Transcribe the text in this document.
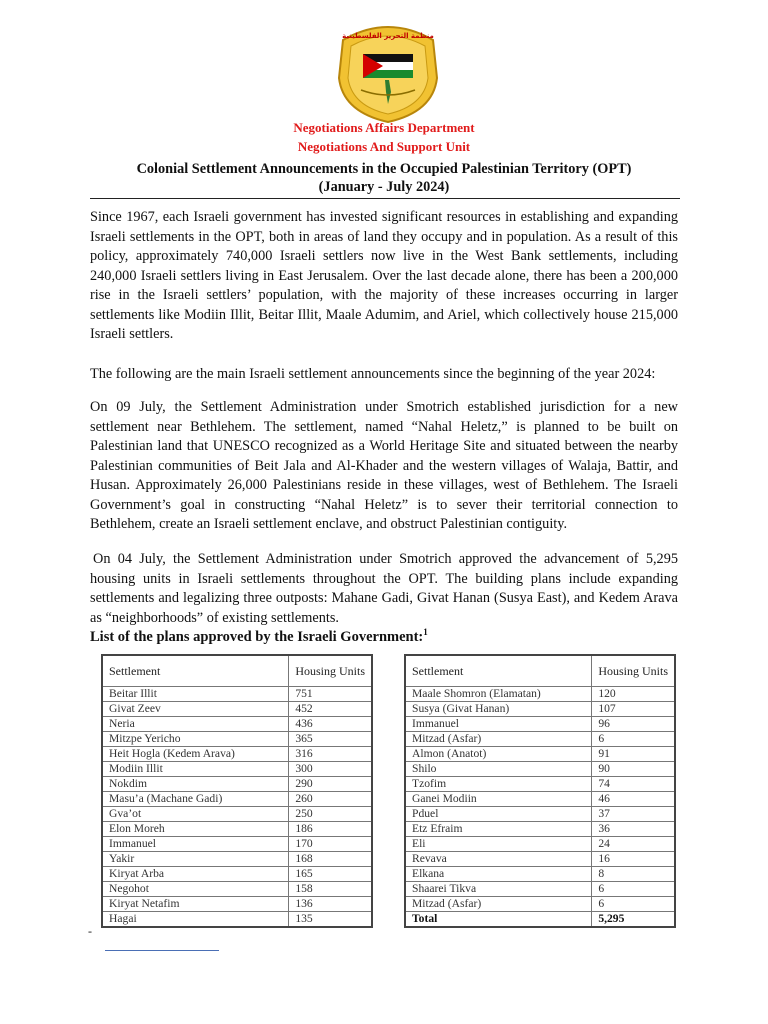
منظمة التحرير الفلسطينية
Negotiations Affairs Department
Negotiations And Support Unit
Colonial Settlement Announcements in the Occupied Palestinian Territory (OPT)
(January - July 2024)

Since 1967, each Israeli government has invested significant resources in establishing and expanding Israeli settlements in the OPT, both in areas of land they occupy and in population. As a result of this policy, approximately 740,000 Israeli settlers now live in the West Bank settlements, including 240,000 Israeli settlers living in East Jerusalem. Over the last decade alone, there has been a 200,000 rise in the Israeli settlers’ population, with the majority of these increases occurring in larger settlements like Modiin Illit, Beitar Illit, Maale Adumim, and Ariel, which collectively house 215,000 Israeli settlers.

The following are the main Israeli settlement announcements since the beginning of the year 2024:

On 09 July, the Settlement Administration under Smotrich established jurisdiction for a new settlement near Bethlehem. The settlement, named “Nahal Heletz,” is planned to be built on Palestinian land that UNESCO recognized as a World Heritage Site and situated between the nearby Palestinian communities of Beit Jala and Al-Khader and the western villages of Walaja, Battir, and Husan. Approximately 26,000 Palestinians reside in these villages, west of Bethlehem. The Israeli Government’s goal in constructing “Nahal Heletz” is to sever their territorial connection to Bethlehem, create an Israeli settlement enclave, and obstruct Palestinian contiguity.

On 04 July, the Settlement Administration under Smotrich approved the advancement of 5,295 housing units in Israeli settlements throughout the OPT. The building plans include expanding settlements and legalizing three outposts: Mahane Gadi, Givat Hanan (Susya East), and Kedem Arava as “neighborhoods” of existing settlements.

List of the plans approved by the Israeli Government:$^1$
Settlement	Housing Units
Beitar Illit	751
Givat Zeev	452
Neria	436
Mitzpe Yericho	365
Heit Hogla (Kedem Arava)	316
Modiin Illit	300
Nokdim	290
Masu’a (Machane Gadi)	260
Gva’ot	250
Elon Moreh	186
Immanuel	170
Yakir	168
Kiryat Arba	165
Negohot	158
Kiryat Netafim	136
Hagai	135
Settlement	Housing Units
Maale Shomron (Elamatan)	120
Susya (Givat Hanan)	107
Immanuel	96
Mitzad (Asfar)	6
Almon (Anatot)	91
Shilo	90
Tzofim	74
Ganei Modiin	46
Pduel	37
Etz Efraim	36
Eli	24
Revava	16
Elkana	8
Shaarei Tikva	6
Mitzad (Asfar)	6
Total	5,295
-
